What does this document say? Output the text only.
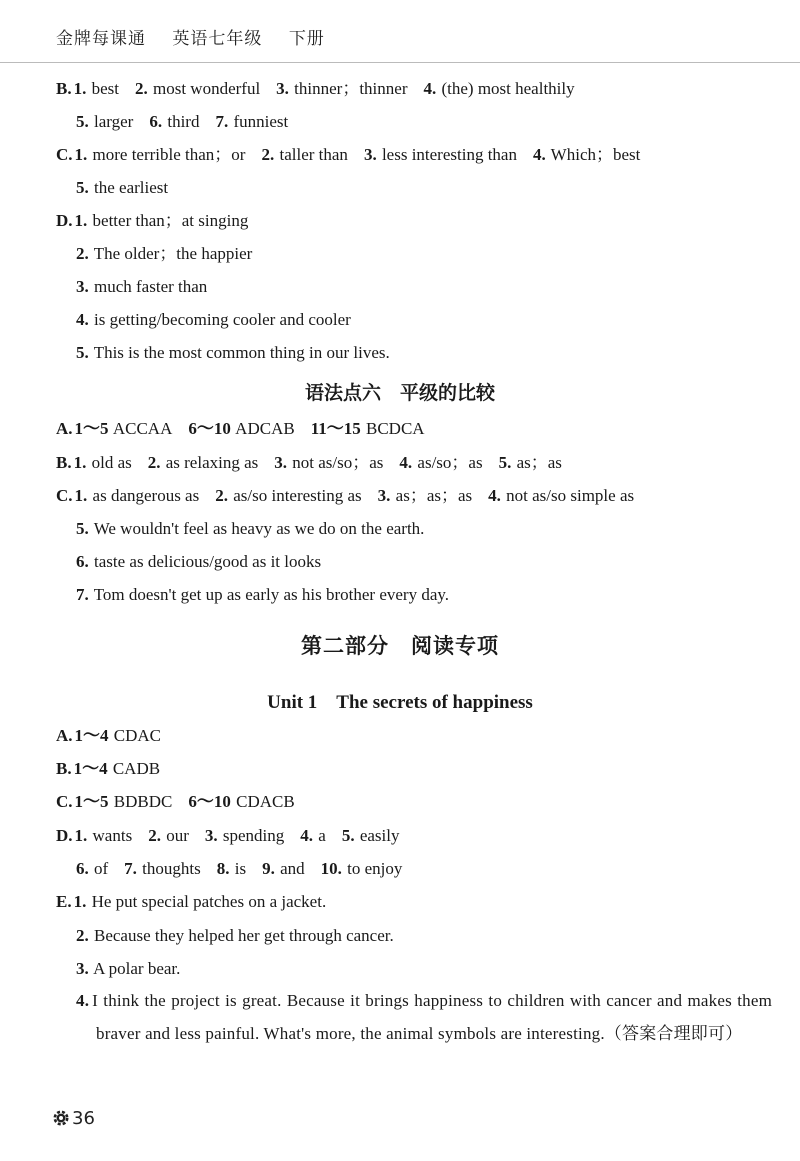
金牌每课通 英语七年级 下册
B. 1. best 2. most wonderful 3. thinner；thinner 4. (the) most healthily
5. larger 6. third 7. funniest
C. 1. more terrible than；or 2. taller than 3. less interesting than 4. Which；best
5. the earliest
D. 1. better than；at singing
2. The older；the happier
3. much faster than
4. is getting/becoming cooler and cooler
5. This is the most common thing in our lives.
A. 1～5 ACCAA 6～10 ADCAB 11～15 BCDCA
B. 1. old as 2. as relaxing as 3. not as/so；as 4. as/so；as 5. as；as
C. 1. as dangerous as 2. as/so interesting as 3. as；as；as 4. not as/so simple as
5. We wouldn't feel as heavy as we do on the earth.
6. taste as delicious/good as it looks
7. Tom doesn't get up as early as his brother every day.
A. 1～4 CDAC
B. 1～4 CADB
C. 1～5 BDBDC 6～10 CDACB
D. 1. wants 2. our 3. spending 4. a 5. easily
6. of 7. thoughts 8. is 9. and 10. to enjoy
E. 1. He put special patches on a jacket.
2. Because they helped her get through cancer.
3. A polar bear.
语法点六　平级的比较
第二部分　阅读专项
Unit 1　The secrets of happiness
4. I think the project is great. Because it brings happiness to children with cancer and makes them braver and less painful. What's more, the animal symbols are interesting.（答案合理即可）
36
